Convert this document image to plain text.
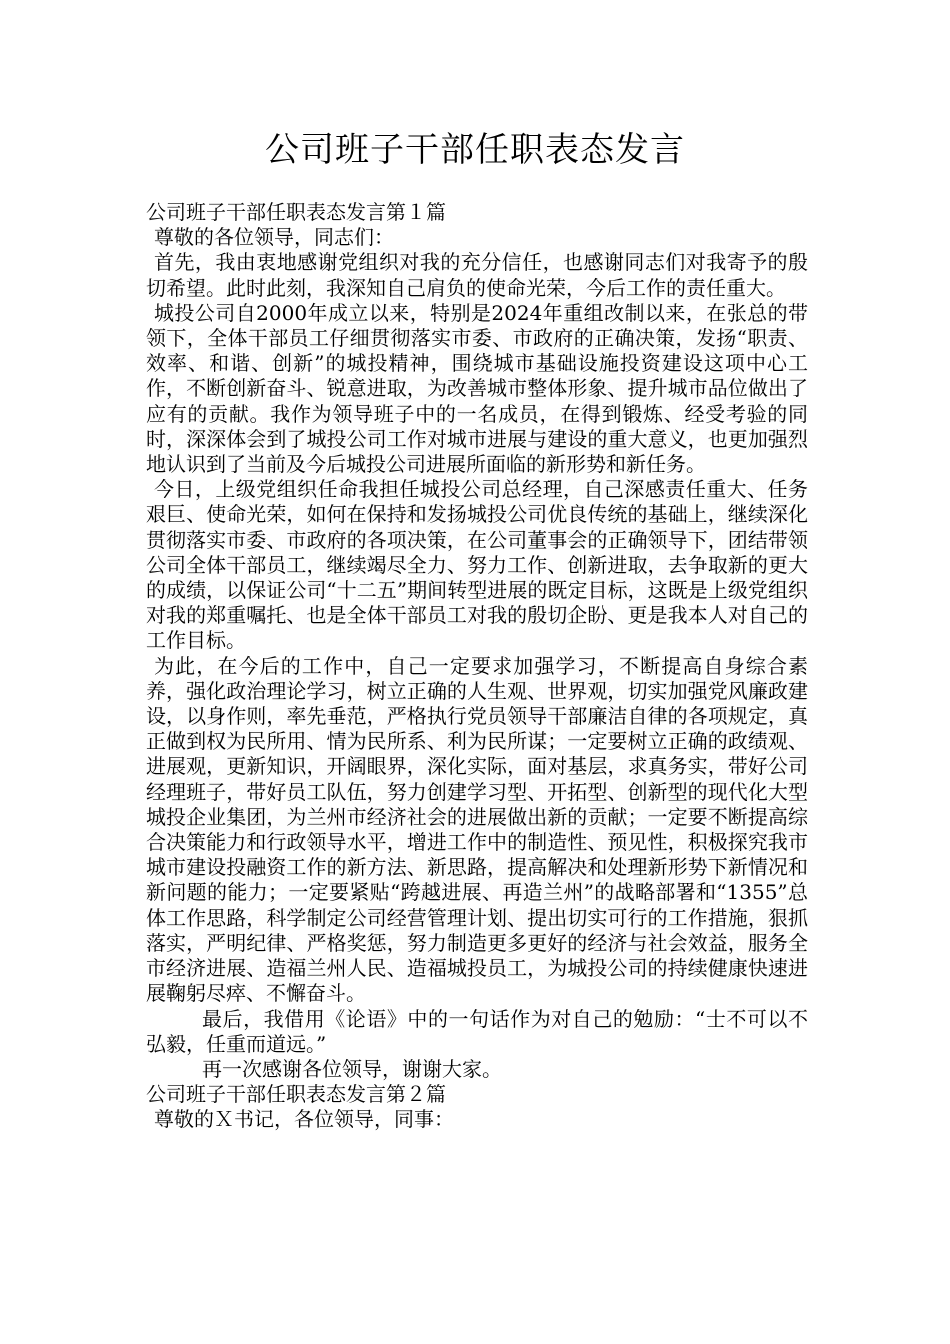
公司班子干部任职表态发言

公司班子干部任职表态发言第１篇

尊敬的各位领导，同志们：

首先，我由衷地感谢党组织对我的充分信任，也感谢同志们对我寄予的殷切希望。此时此刻，我深知自己肩负的使命光荣，今后工作的责任重大。

城投公司自2000年成立以来，特别是2024年重组改制以来，在张总的带领下，全体干部员工仔细贯彻落实市委、市政府的正确决策，发扬“职责、效率、和谐、创新”的城投精神，围绕城市基础设施投资建设这项中心工作，不断创新奋斗、锐意进取，为改善城市整体形象、提升城市品位做出了应有的贡献。我作为领导班子中的一名成员，在得到锻炼、经受考验的同时，深深体会到了城投公司工作对城市进展与建设的重大意义，也更加强烈地认识到了当前及今后城投公司进展所面临的新形势和新任务。

今日，上级党组织任命我担任城投公司总经理，自己深感责任重大、任务艰巨、使命光荣，如何在保持和发扬城投公司优良传统的基础上，继续深化贯彻落实市委、市政府的各项决策，在公司董事会的正确领导下，团结带领公司全体干部员工，继续竭尽全力、努力工作、创新进取，去争取新的更大的成绩，以保证公司“十二五”期间转型进展的既定目标，这既是上级党组织对我的郑重嘱托、也是全体干部员工对我的殷切企盼、更是我本人对自己的工作目标。

为此，在今后的工作中，自己一定要求加强学习，不断提高自身综合素养，强化政治理论学习，树立正确的人生观、世界观，切实加强党风廉政建设，以身作则，率先垂范，严格执行党员领导干部廉洁自律的各项规定，真正做到权为民所用、情为民所系、利为民所谋；一定要树立正确的政绩观、进展观，更新知识，开阔眼界，深化实际，面对基层，求真务实，带好公司经理班子，带好员工队伍，努力创建学习型、开拓型、创新型的现代化大型城投企业集团，为兰州市经济社会的进展做出新的贡献；一定要不断提高综合决策能力和行政领导水平，增进工作中的制造性、预见性，积极探究我市城市建设投融资工作的新方法、新思路，提高解决和处理新形势下新情况和新问题的能力；一定要紧贴“跨越进展、再造兰州”的战略部署和“1355”总体工作思路，科学制定公司经营管理计划、提出切实可行的工作措施，狠抓落实，严明纪律、严格奖惩，努力制造更多更好的经济与社会效益，服务全市经济进展、造福兰州人民、造福城投员工，为城投公司的持续健康快速进展鞠躬尽瘁、不懈奋斗。

最后，我借用《论语》中的一句话作为对自己的勉励：“士不可以不弘毅，任重而道远。”

再一次感谢各位领导，谢谢大家。

公司班子干部任职表态发言第２篇

尊敬的Ｘ书记，各位领导，同事：
